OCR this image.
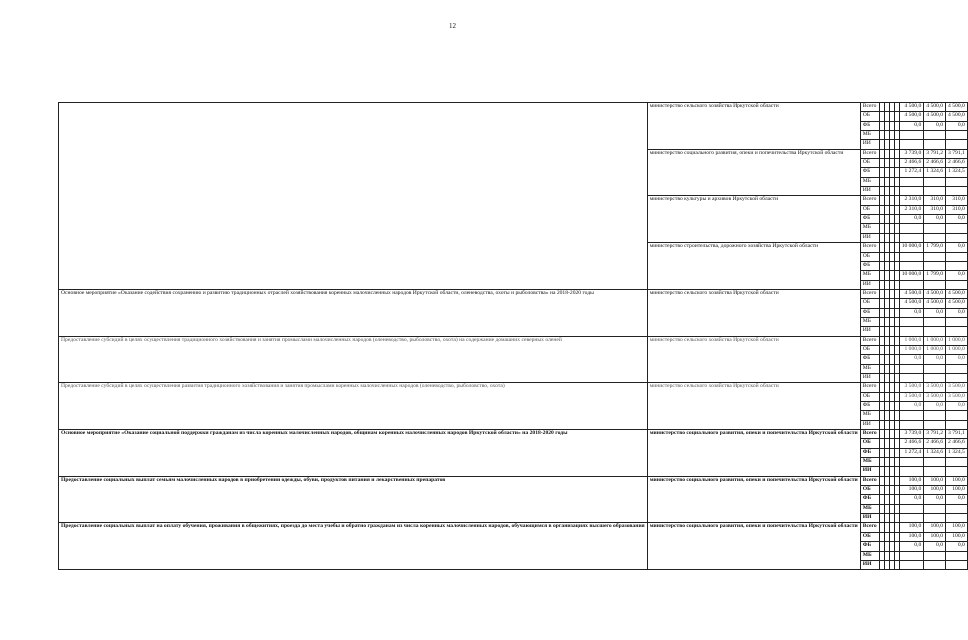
12
	министерство сельского хозяйства Иркутской области	Всего					4 500,0	4 500,0	4 500,0
		ОБ					4 500,0	4 500,0	4 500,0
		ФБ					0,0	0,0	0,0
		МБ							
		ИИ							
	министерство социального развития, опеки и попечительства Иркутской области	Всего					3 739,0	3 791,2	3 791,1
		ОБ					2 466,6	2 466,6	2 466,6
		ФБ					1 272,4	1 324,6	1 324,5
		МБ							
		ИИ							
	министерство культуры и архивов Иркутской области	Всего					2 310,0	310,0	310,0
		ОБ					2 310,0	310,0	310,0
		ФБ					0,0	0,0	0,0
		МБ							
		ИИ							
	министерство строительства, дорожного хозяйства Иркутской области	Всего					10 000,0	1 799,0	0,0
		ОБ							
		ФБ							
		МБ					10 000,0	1 799,0	0,0
		ИИ							
Основное мероприятие «Оказание содействия сохранению и развитию традиционных отраслей хозяйствования коренных малочисленных народов Иркутской области, оленеводства, охоты и рыболовства» на 2018-2020 годы	министерство сельского хозяйства Иркутской области	Всего					4 500,0	4 500,0	4 500,0
		ОБ					4 500,0	4 500,0	4 500,0
		ФБ					0,0	0,0	0,0
		МБ							
		ИИ							
Предоставление субсидий в целях осуществления традиционного хозяйствования и занятия промыслами малочисленных народов (оленеводство, рыболовство, охота) на содержание домашних северных оленей	министерство сельского хозяйства Иркутской области	Всего					1 000,0	1 000,0	1 000,0
		ОБ					1 000,0	1 000,0	1 000,0
		ФБ					0,0	0,0	0,0
		МБ							
		ИИ							
Предоставление субсидий в целях осуществления развития традиционного хозяйствования и занятия промыслами коренных малочисленных народов (оленеводство, рыболовство, охота)	министерство сельского хозяйства Иркутской области	Всего					3 500,0	3 500,0	3 500,0
		ОБ					3 500,0	3 500,0	3 500,0
		ФБ					0,0	0,0	0,0
		МБ							
		ИИ							
Основное мероприятие «Оказание социальной поддержки гражданам из числа коренных малочисленных народов, общинам коренных малочисленных народов Иркутской области» на 2018-2020 годы	министерство социального развития, опеки и попечительства Иркутской области	Всего					3 739,0	3 791,2	3 791,1
		ОБ					2 466,6	2 466,6	2 466,6
		ФБ					1 272,4	1 324,6	1 324,5
		МБ							
		ИИ							
Предоставление социальных выплат семьям малочисленных народов в приобретении одежды, обуви, продуктов питания и лекарственных препаратов	министерство социального развития, опеки и попечительства Иркутской области	Всего					100,0	100,0	100,0
		ОБ					100,0	100,0	100,0
		ФБ					0,0	0,0	0,0
		МБ							
		ИИ							
Предоставление социальных выплат на оплату обучения, проживания в общежитиях, проезда до места учебы и обратно гражданам из числа коренных малочисленных народов, обучающимся в организациях высшего образования	министерство социального развития, опеки и попечительства Иркутской области	Всего					100,0	100,0	100,0
		ОБ					100,0	100,0	100,0
		ФБ					0,0	0,0	0,0
		МБ							
		ИИ							
